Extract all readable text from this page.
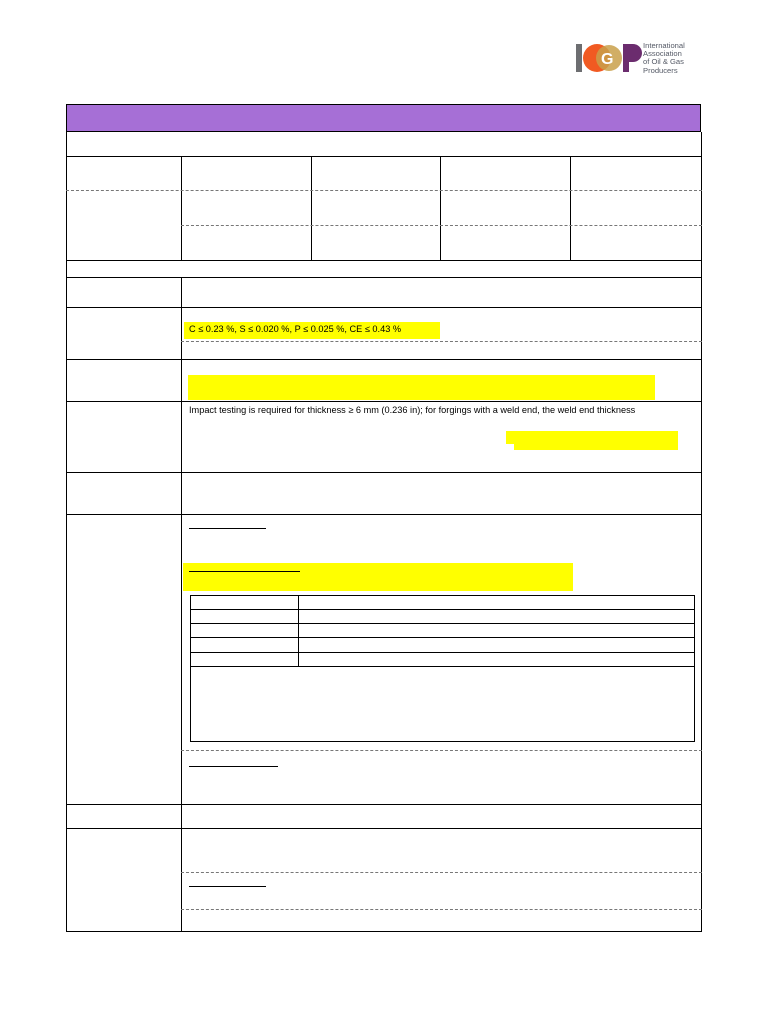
G
International
Association
of Oil & Gas
Producers
C ≤ 0.23 %, S ≤ 0.020 %, P ≤ 0.025 %, CE ≤ 0.43 %
Impact testing is required for thickness ≥ 6 mm (0.236 in); for forgings with a weld end, the weld end thickness
